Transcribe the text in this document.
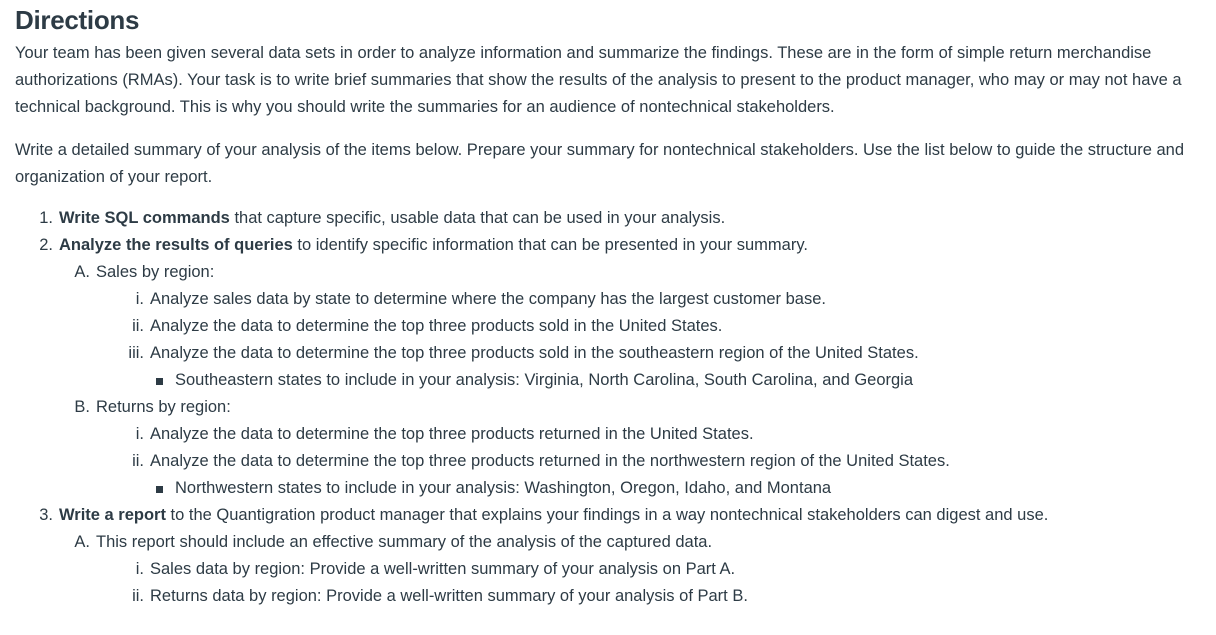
Directions

Your team has been given several data sets in order to analyze information and summarize the findings. These are in the form of simple return merchandise authorizations (RMAs). Your task is to write brief summaries that show the results of the analysis to present to the product manager, who may or may not have a technical background. This is why you should write the summaries for an audience of nontechnical stakeholders.

Write a detailed summary of your analysis of the items below. Prepare your summary for nontechnical stakeholders. Use the list below to guide the structure and organization of your report.

1. Write SQL commands that capture specific, usable data that can be used in your analysis.
2. Analyze the results of queries to identify specific information that can be presented in your summary.
A. Sales by region:
i. Analyze sales data by state to determine where the company has the largest customer base.
ii. Analyze the data to determine the top three products sold in the United States.
iii. Analyze the data to determine the top three products sold in the southeastern region of the United States.
Southeastern states to include in your analysis: Virginia, North Carolina, South Carolina, and Georgia
B. Returns by region:
i. Analyze the data to determine the top three products returned in the United States.
ii. Analyze the data to determine the top three products returned in the northwestern region of the United States.
Northwestern states to include in your analysis: Washington, Oregon, Idaho, and Montana
3. Write a report to the Quantigration product manager that explains your findings in a way nontechnical stakeholders can digest and use.
A. This report should include an effective summary of the analysis of the captured data.
i. Sales data by region: Provide a well-written summary of your analysis on Part A.
ii. Returns data by region: Provide a well-written summary of your analysis of Part B.
